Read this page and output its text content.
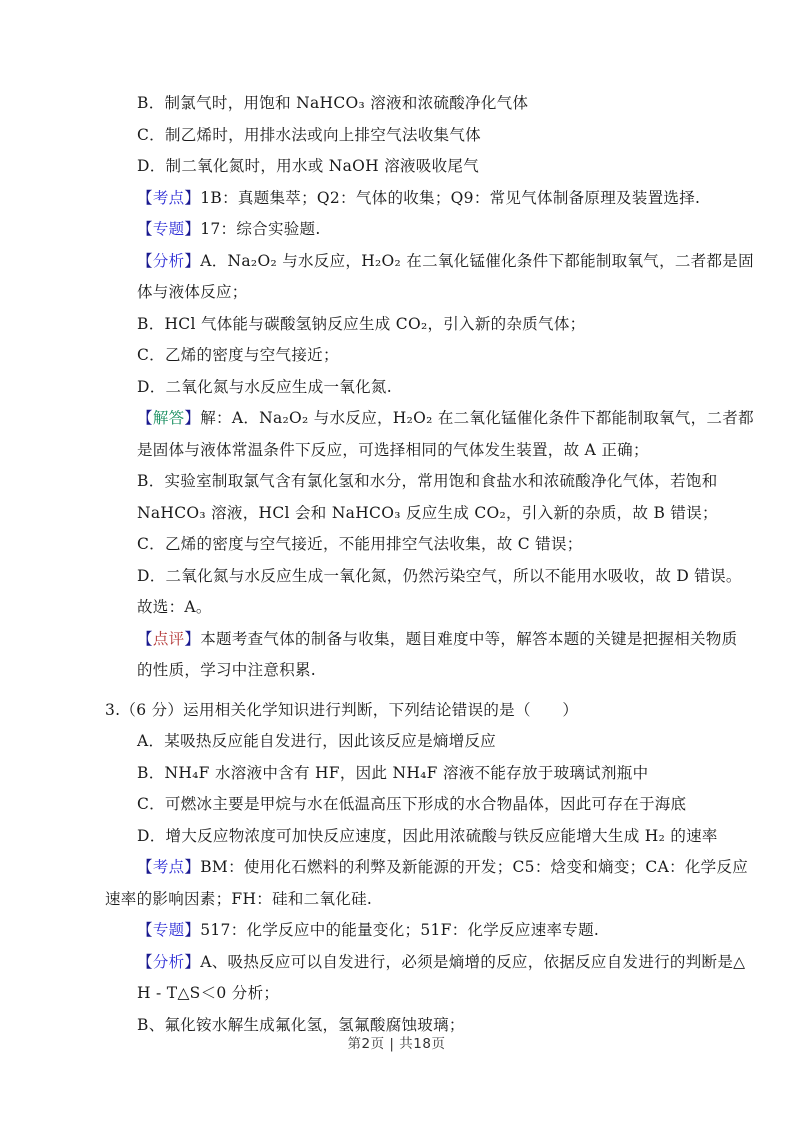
B．制氯气时，用饱和 NaHCO₃ 溶液和浓硫酸净化气体
C．制乙烯时，用排水法或向上排空气法收集气体
D．制二氧化氮时，用水或 NaOH 溶液吸收尾气
【考点】1B：真题集萃；Q2：气体的收集；Q9：常见气体制备原理及装置选择.
【专题】17：综合实验题.
【分析】A．Na₂O₂ 与水反应，H₂O₂ 在二氧化锰催化条件下都能制取氧气，二者都是固
体与液体反应；
B．HCl 气体能与碳酸氢钠反应生成 CO₂，引入新的杂质气体；
C．乙烯的密度与空气接近；
D．二氧化氮与水反应生成一氧化氮.
【解答】解：A．Na₂O₂ 与水反应，H₂O₂ 在二氧化锰催化条件下都能制取氧气，二者都
是固体与液体常温条件下反应，可选择相同的气体发生装置，故 A 正确；
B．实验室制取氯气含有氯化氢和水分，常用饱和食盐水和浓硫酸净化气体，若饱和
NaHCO₃ 溶液，HCl 会和 NaHCO₃ 反应生成 CO₂，引入新的杂质，故 B 错误；
C．乙烯的密度与空气接近，不能用排空气法收集，故 C 错误；
D．二氧化氮与水反应生成一氧化氮，仍然污染空气，所以不能用水吸收，故 D 错误。
故选：A。
【点评】本题考查气体的制备与收集，题目难度中等，解答本题的关键是把握相关物质
的性质，学习中注意积累.
3.（6 分）运用相关化学知识进行判断，下列结论错误的是（　　）
A．某吸热反应能自发进行，因此该反应是熵增反应
B．NH₄F 水溶液中含有 HF，因此 NH₄F 溶液不能存放于玻璃试剂瓶中
C．可燃冰主要是甲烷与水在低温高压下形成的水合物晶体，因此可存在于海底
D．增大反应物浓度可加快反应速度，因此用浓硫酸与铁反应能增大生成 H₂ 的速率
【考点】BM：使用化石燃料的利弊及新能源的开发；C5：焓变和熵变；CA：化学反应
速率的影响因素；FH：硅和二氧化硅.
【专题】517：化学反应中的能量变化；51F：化学反应速率专题.
【分析】A、吸热反应可以自发进行，必须是熵增的反应，依据反应自发进行的判断是△
H - T△S＜0 分析；
B、氟化铵水解生成氟化氢，氢氟酸腐蚀玻璃；
第2页 | 共18页
